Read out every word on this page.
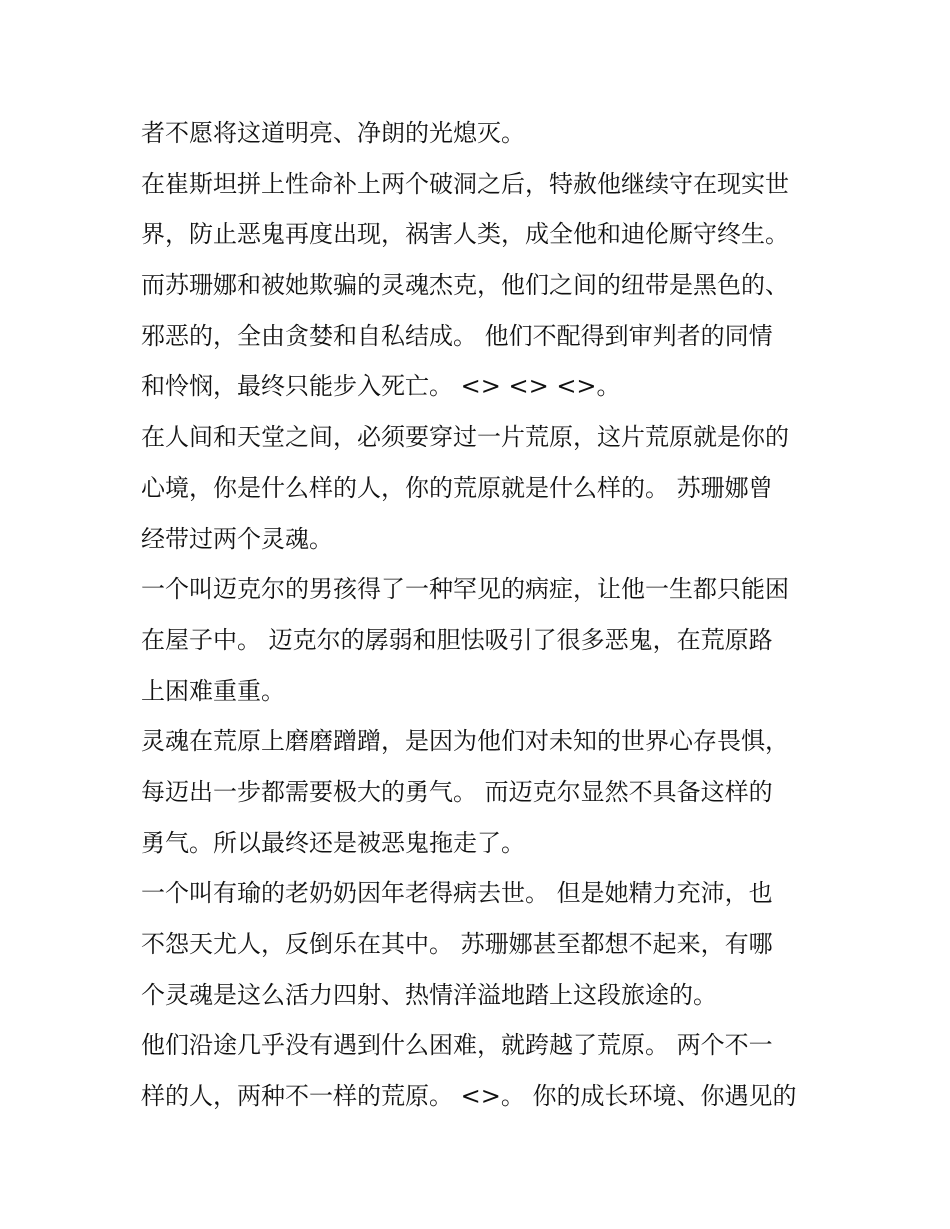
者不愿将这道明亮、净朗的光熄灭。

在崔斯坦拼上性命补上两个破洞之后，特赦他继续守在现实世
界，防止恶鬼再度出现，祸害人类，成全他和迪伦厮守终生。
而苏珊娜和被她欺骗的灵魂杰克，他们之间的纽带是黑色的、
邪恶的，全由贪婪和自私结成。 他们不配得到审判者的同情
和怜悯，最终只能步入死亡。 <> <> <>。

在人间和天堂之间，必须要穿过一片荒原，这片荒原就是你的
心境，你是什么样的人，你的荒原就是什么样的。 苏珊娜曾
经带过两个灵魂。

一个叫迈克尔的男孩得了一种罕见的病症，让他一生都只能困
在屋子中。 迈克尔的孱弱和胆怯吸引了很多恶鬼，在荒原路
上困难重重。

灵魂在荒原上磨磨蹭蹭，是因为他们对未知的世界心存畏惧，
每迈出一步都需要极大的勇气。 而迈克尔显然不具备这样的
勇气。所以最终还是被恶鬼拖走了。

一个叫有瑜的老奶奶因年老得病去世。 但是她精力充沛，也
不怨天尤人，反倒乐在其中。 苏珊娜甚至都想不起来，有哪
个灵魂是这么活力四射、热情洋溢地踏上这段旅途的。

他们沿途几乎没有遇到什么困难，就跨越了荒原。 两个不一
样的人，两种不一样的荒原。 <>。 你的成长环境、你遇见的
